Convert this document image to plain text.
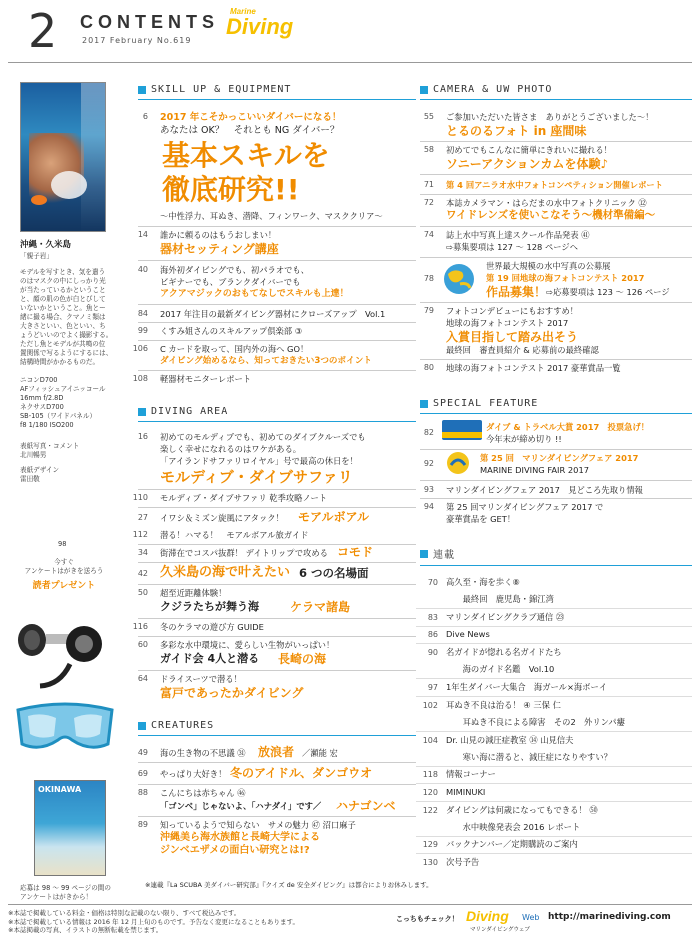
2 CONTENTS
2017 February No.619
Marine
Diving
沖縄・久米島
「親子岩」
モデルを写すとき、気を遣う
のはマスクの中にしっかり光
が当たっているかということ
と、顔の肌の色が白とびして
いないかということ。魚とー
緒に撮る場合、クマノミ類は
大きさといい、色といい、ち
ょうどいいのでよく撮影する。
ただし魚とモデルが共鳴の位
置関係で写るようにするには、
結構時間がかかるものだ。
ニコンD700
AFフィッシュアイニッコール
16mm f/2.8D
ネクサスD700
SB-105（ワイドパネル）
f8 1/180 ISO200
表紙写真・コメント
北川暢男
表紙デザイン
雷田敬
98
今すぐ
アンケートはがきを送ろう
読者プレゼント
OKINAWA
応募は 98 〜 99 ページの間の
アンケートはがきから！
SKILL UP & EQUIPMENT
6 2017 年こそかっこいいダイバーになる！
あなたは OK？　それとも NG ダイバー？
基本スキルを
徹底研究!!
〜中性浮力、耳ぬき、潜降、フィンワーク、マスククリア〜
14 誰かに頼るのはもうおしまい！
器材セッティング講座
40 海外初ダイビングでも、初パラオでも、
ビギナーでも、ブランクダイバーでも
アクアマジックのおもてなしでスキルも上達！
84 2017 年注目の最新ダイビング器材にクローズアップ　Vol.1
99 くすみ姐さんのスキルアップ倶楽部 ③
106 C カードを取って、国内外の海へ GO！
ダイビング始めるなら、知っておきたい3つのポイント
108 軽器材モニターレポート
DIVING AREA
16 初めてのモルディブでも、初めてのダイブクルーズでも
楽しく幸せになれるのはワケがある。
「アイランドサファリロイヤル」号で最高の休日を！
モルディブ・ダイブサファリ
110 モルディブ・ダイブサファリ 乾季攻略ノート
27 イワシ＆ミズン旋風にアタック！ モアルボアル
112 潜る！ハマる！　モアルボアル旅ガイド
34 街滞在でコスパ抜群！ デイトリップで攻める コモド
42 久米島の海で叶えたい 6 つの名場面
50 超至近距離体験！
クジラたちが舞う海	ケラマ諸島
116 冬のケラマの遊び方 GUIDE
60 多彩な水中環境に、愛らしい生物がいっぱい！
ガイド会 4人と潜る 長崎の海
64 ドライスーツで潜る！
富戸であったかダイビング
CREATURES
49 海の生き物の不思議 ㉛ 放浪者 ／瀬能 宏
69 やっぱり大好き！ 冬のアイドル、ダンゴウオ
88 こんにちは赤ちゃん ㊻
「ゴンベ」じゃないよ、「ハナダイ」です／ ハナゴンベ
89 知っているようで知らない　サメの魅力 ㊼ 沼口麻子
沖縄美ら海水族館と長崎大学による
ジンベエザメの面白い研究とは!?
※連載『La SCUBA 美ダイバー研究部』『クイズ de 安全ダイビング』は都合によりお休みします。
CAMERA & UW PHOTO
55 ご参加いただいた皆さま　ありがとうございました〜！
とるのるフォト in 座間味
58 初めてでもこんなに簡単にきれいに撮れる！
ソニーアクションカムを体験♪
71 第 4 回アニラオ水中フォトコンペティション開催レポート
72 本誌カメラマン・はらだまの水中フォトクリニック ⑫
ワイドレンズを使いこなそう〜機材準備編〜
74 誌上水中写真上達スクール作品発表 ㊶
⇨募集要項は 127 〜 128 ページへ
78
世界最大規模の水中写真の公募展
第 19 回地球の海フォトコンテスト 2017
作品募集！ ⇨応募要項は 123 〜 126 ページ
79 フォトコンデビューにもおすすめ！
地球の海フォトコンテスト 2017
入賞目指して踏み出そう
最終回　審査員紹介 & 応募前の最終確認
80 地球の海フォトコンテスト 2017 豪華賞品一覧
SPECIAL FEATURE
82
ダイブ & トラベル大賞 2017　投票急げ！
今年末が締め切り !!
92
第 25 回　マリンダイビングフェア 2017
MARINE DIVING FAIR 2017
93 マリンダイビングフェア 2017　見どころ先取り情報
94 第 25 回マリンダイビングフェア 2017 で
豪華賞品を GET！
連載
70 高久至・海を歩く⑧
　　最終回　鹿児島・錦江湾
83 マリンダイビングクラブ通信 ㉓
86 Dive News
90 名ガイドが惚れる名ガイドたち
　　海のガイド名鑑　Vol.10
97 1年生ダイバー大集合　海ガール×海ボーイ
102 耳ぬき不良は治る！ ④ 三保 仁
　　耳ぬき不良による障害　その2　外リンパ瘻
104 Dr. 山見の減圧症教室 ⑭ 山見信夫
　　寒い海に潜ると、減圧症になりやすい？
118 情報コーナー
120 MIMINUKI
122 ダイビングは何歳になってもできる！ ㊿
　　水中映像発表会 2016 レポート
129 バックナンバー／定期購読のご案内
130 次号予告
※本誌で掲載している料金・価格は特別な記載のない限り、すべて税込みです。
※本誌で掲載している情報は 2016 年 12 月上旬のものです。予告なく変更になることもあります。
※本誌掲載の写真、イラストの無断転載を禁じます。
こっちもチェック！ Diving Web http://marinediving.com
マリンダイビングウェブ
